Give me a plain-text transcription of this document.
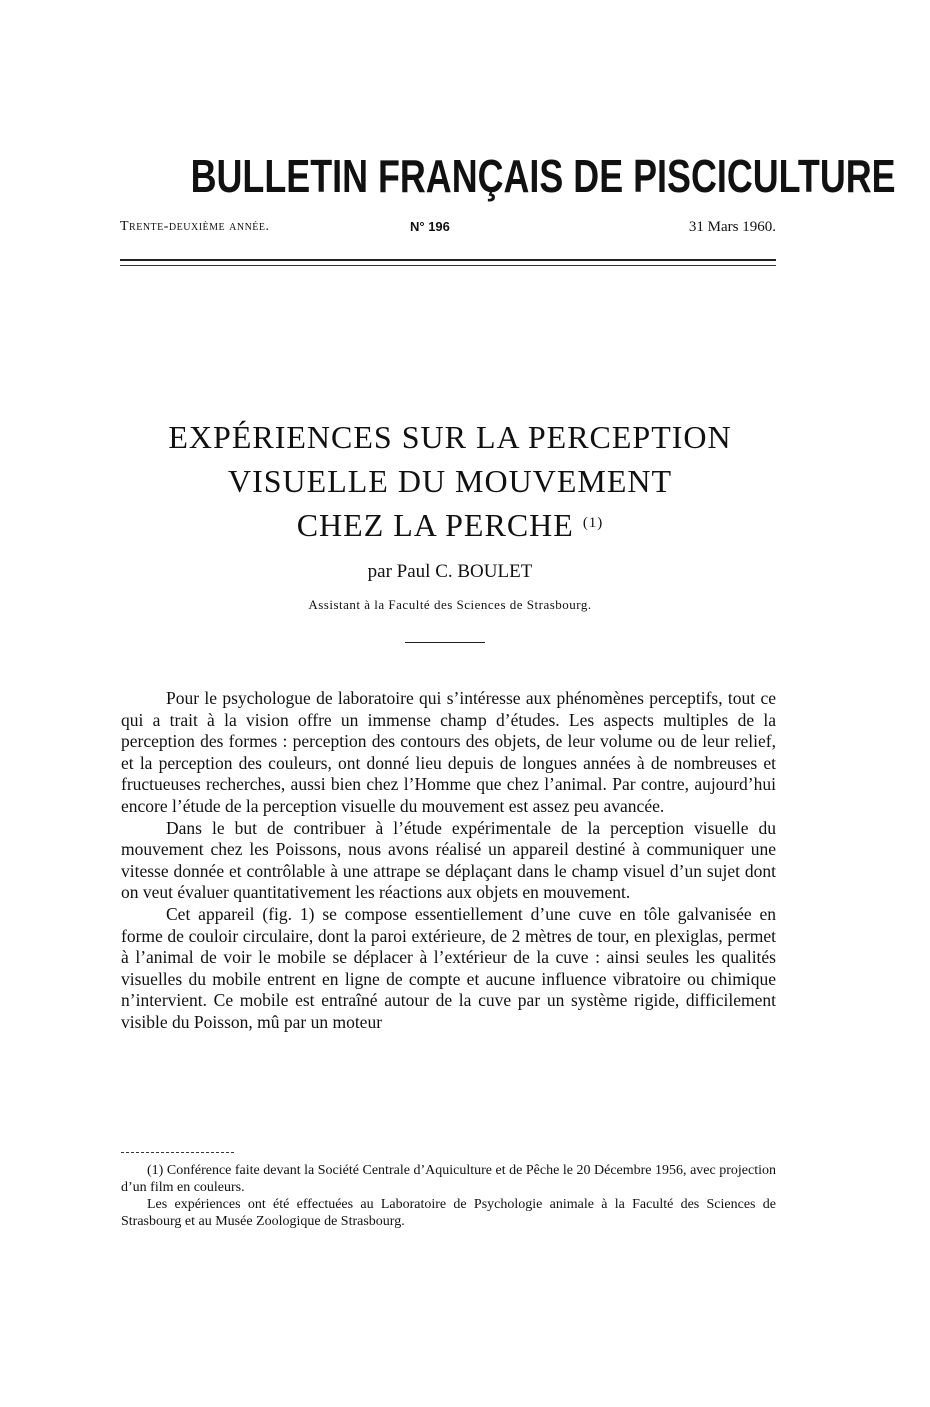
BULLETIN FRANÇAIS DE PISCICULTURE
Trente-deuxième année.	N° 196	31 Mars 1960.
EXPÉRIENCES SUR LA PERCEPTION
VISUELLE DU MOUVEMENT
CHEZ LA PERCHE $^{(1)}$
par Paul C. BOULET
Assistant à la Faculté des Sciences de Strasbourg.

Pour le psychologue de laboratoire qui s’intéresse aux phénomènes perceptifs, tout ce qui a trait à la vision offre un immense champ d’études. Les aspects multiples de la perception des formes : perception des contours des objets, de leur volume ou de leur relief, et la perception des couleurs, ont donné lieu depuis de longues années à de nombreuses et fructueuses recherches, aussi bien chez l’Homme que chez l’animal. Par contre, aujourd’hui encore l’étude de la perception visuelle du mouvement est assez peu avancée.

Dans le but de contribuer à l’étude expérimentale de la perception visuelle du mouvement chez les Poissons, nous avons réalisé un appareil destiné à communiquer une vitesse donnée et contrôlable à une attrape se déplaçant dans le champ visuel d’un sujet dont on veut évaluer quantitativement les réactions aux objets en mouvement.

Cet appareil (fig. 1) se compose essentiellement d’une cuve en tôle galvanisée en forme de couloir circulaire, dont la paroi extérieure, de 2 mètres de tour, en plexiglas, permet à l’animal de voir le mobile se déplacer à l’extérieur de la cuve : ainsi seules les qualités visuelles du mobile entrent en ligne de compte et aucune influence vibratoire ou chimique n’intervient. Ce mobile est entraîné autour de la cuve par un système rigide, difficilement visible du Poisson, mû par un moteur

(1) Conférence faite devant la Société Centrale d’Aquiculture et de Pêche le 20 Décembre 1956, avec projection d’un film en couleurs.

Les expériences ont été effectuées au Laboratoire de Psychologie animale à la Faculté des Sciences de Strasbourg et au Musée Zoologique de Strasbourg.
